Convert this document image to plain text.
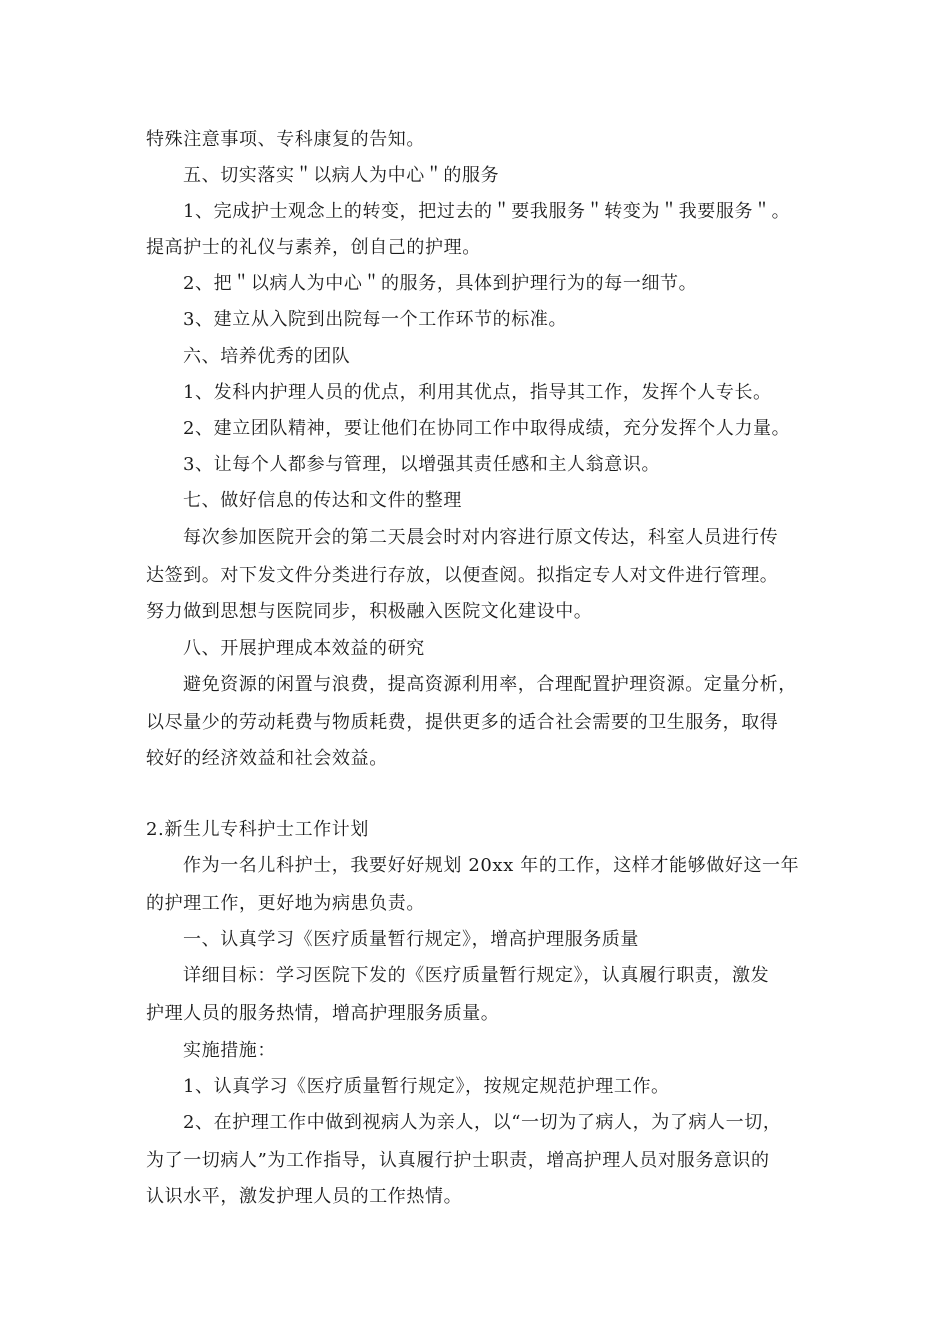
特殊注意事项、专科康复的告知。
五、切实落实＂以病人为中心＂的服务
1、完成护士观念上的转变，把过去的＂要我服务＂转变为＂我要服务＂。
提高护士的礼仪与素养，创自己的护理。
2、把＂以病人为中心＂的服务，具体到护理行为的每一细节。
3、建立从入院到出院每一个工作环节的标准。
六、培养优秀的团队
1、发科内护理人员的优点，利用其优点，指导其工作，发挥个人专长。
2、建立团队精神，要让他们在协同工作中取得成绩，充分发挥个人力量。
3、让每个人都参与管理，以增强其责任感和主人翁意识。
七、做好信息的传达和文件的整理
每次参加医院开会的第二天晨会时对内容进行原文传达，科室人员进行传
达签到。对下发文件分类进行存放，以便查阅。拟指定专人对文件进行管理。
努力做到思想与医院同步，积极融入医院文化建设中。
八、开展护理成本效益的研究
避免资源的闲置与浪费，提高资源利用率，合理配置护理资源。定量分析，
以尽量少的劳动耗费与物质耗费，提供更多的适合社会需要的卫生服务，取得
较好的经济效益和社会效益。
2.新生儿专科护士工作计划
作为一名儿科护士，我要好好规划 20xx 年的工作，这样才能够做好这一年
的护理工作，更好地为病患负责。
一、认真学习《医疗质量暂行规定》，增高护理服务质量
详细目标：学习医院下发的《医疗质量暂行规定》，认真履行职责，激发
护理人员的服务热情，增高护理服务质量。
实施措施：
1、认真学习《医疗质量暂行规定》，按规定规范护理工作。
2、在护理工作中做到视病人为亲人，以“一切为了病人，为了病人一切，
为了一切病人”为工作指导，认真履行护士职责，增高护理人员对服务意识的
认识水平，激发护理人员的工作热情。
